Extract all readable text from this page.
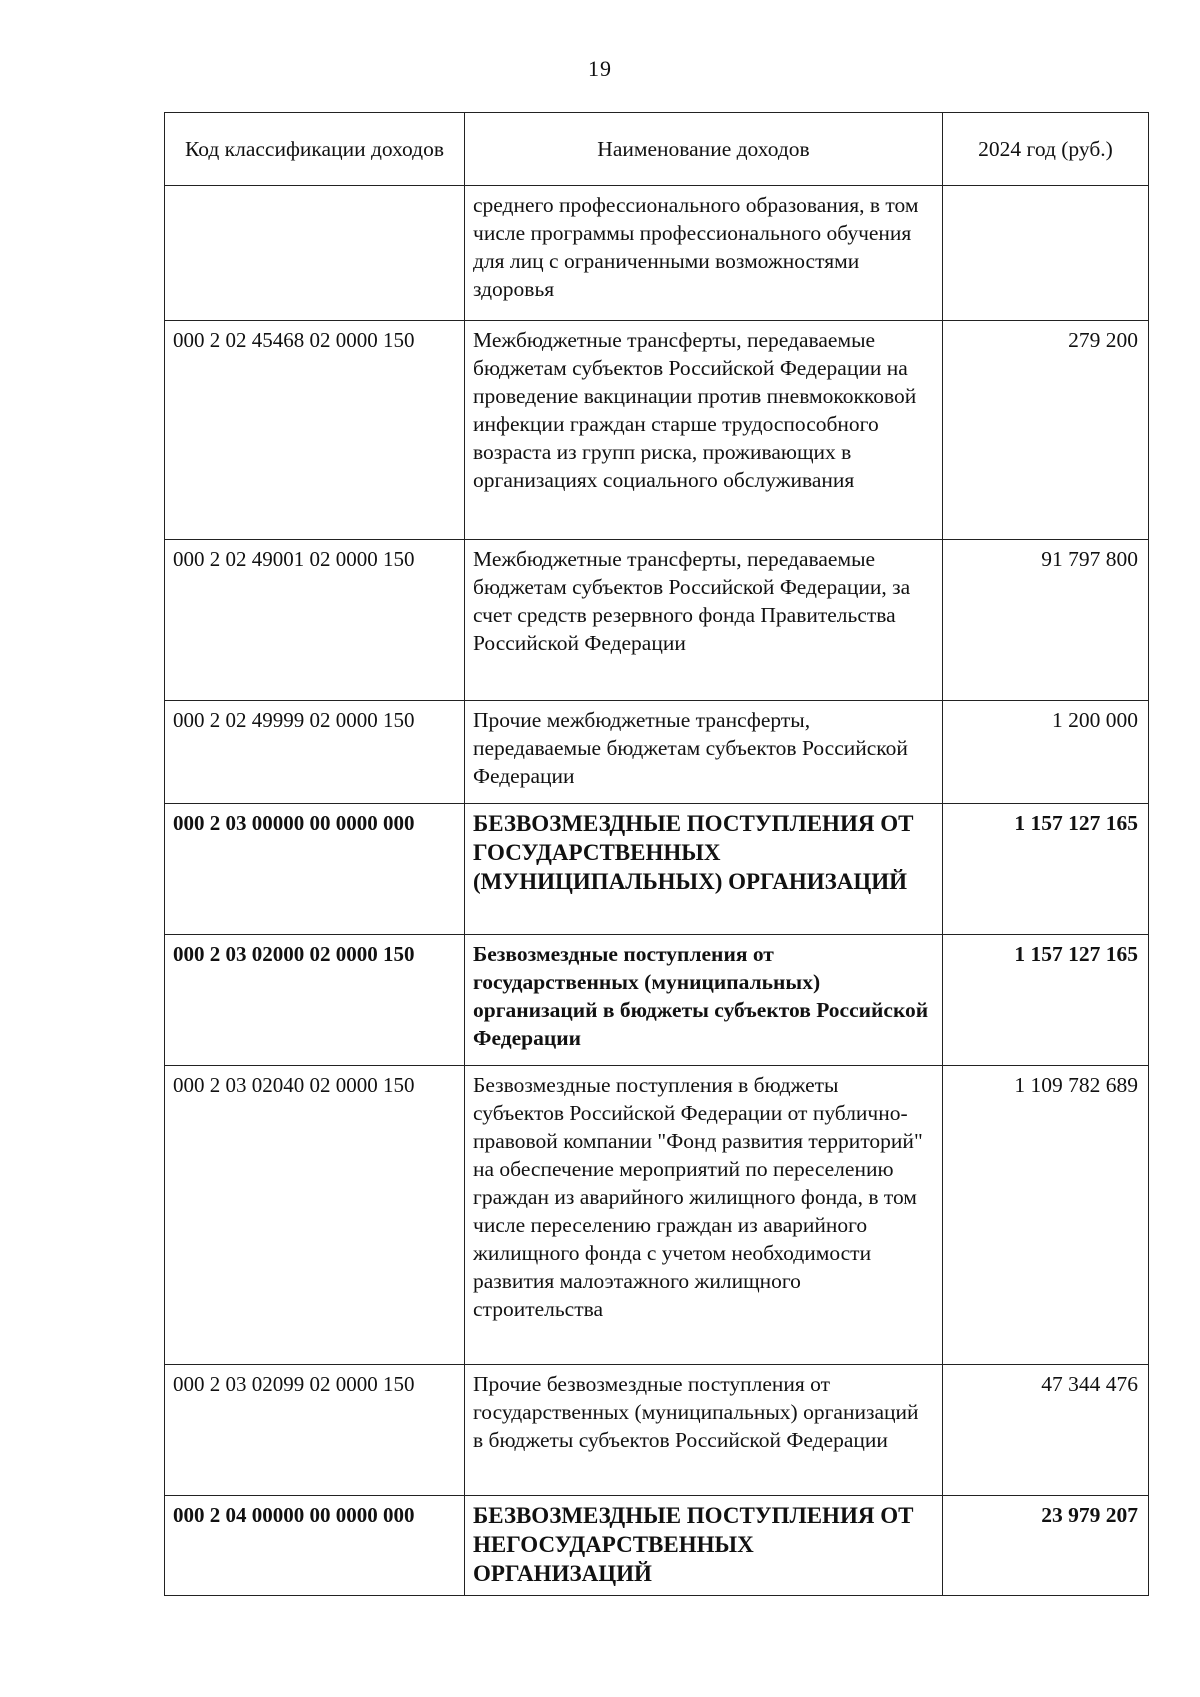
19
Код классификации доходов	Наименование доходов	2024 год (руб.)
	среднего профессионального образования, в том числе программы профессионального обучения для лиц с ограниченными возможностями здоровья	
000 2 02 45468 02 0000 150	Межбюджетные трансферты, передаваемые бюджетам субъектов Российской Федерации на проведение вакцинации против пневмококковой инфекции граждан старше трудоспособного возраста из групп риска, проживающих в организациях социального обслуживания	279 200
000 2 02 49001 02 0000 150	Межбюджетные трансферты, передаваемые бюджетам субъектов Российской Федерации, за счет средств резервного фонда Правительства Российской Федерации	91 797 800
000 2 02 49999 02 0000 150	Прочие межбюджетные трансферты, передаваемые бюджетам субъектов Российской Федерации	1 200 000
000 2 03 00000 00 0000 000	БЕЗВОЗМЕЗДНЫЕ ПОСТУПЛЕНИЯ ОТ ГОСУДАРСТВЕННЫХ (МУНИЦИПАЛЬНЫХ) ОРГАНИЗАЦИЙ	1 157 127 165
000 2 03 02000 02 0000 150	Безвозмездные поступления от государственных (муниципальных) организаций в бюджеты субъектов Российской Федерации	1 157 127 165
000 2 03 02040 02 0000 150	Безвозмездные поступления в бюджеты субъектов Российской Федерации от публично-правовой компании "Фонд развития территорий" на обеспечение мероприятий по переселению граждан из аварийного жилищного фонда, в том числе переселению граждан из аварийного жилищного фонда с учетом необходимости развития малоэтажного жилищного строительства	1 109 782 689
000 2 03 02099 02 0000 150	Прочие безвозмездные поступления от государственных (муниципальных) организаций в бюджеты субъектов Российской Федерации	47 344 476
000 2 04 00000 00 0000 000	БЕЗВОЗМЕЗДНЫЕ ПОСТУПЛЕНИЯ ОТ НЕГОСУДАРСТВЕННЫХ ОРГАНИЗАЦИЙ	23 979 207
